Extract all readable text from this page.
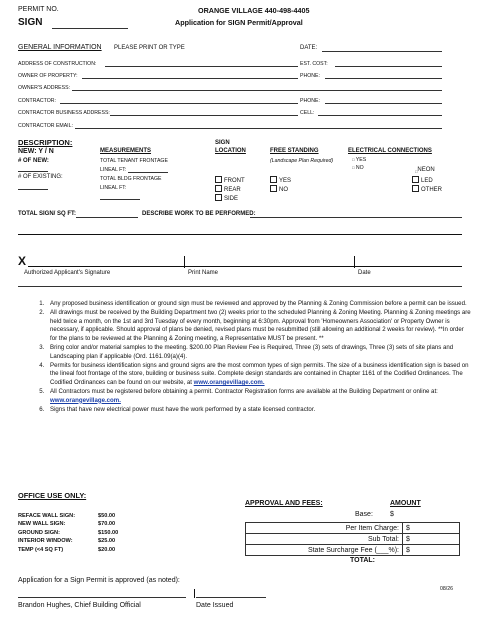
PERMIT NO.
SIGN
ORANGE VILLAGE 440-498-4405
Application for SIGN Permit/Approval
GENERAL INFORMATION PLEASE PRINT OR TYPE	DATE:
ADDRESS OF CONSTRUCTION:	EST. COST:
OWNER OF PROPERTY:	PHONE:
OWNER'S ADDRESS:
CONTRACTOR:	PHONE:
CONTRACTOR BUSINESS ADDRESS:	CELL:
CONTRACTOR EMAIL:
DESCRIPTION:
NEW: Y / N
# OF NEW:
# OF EXISTING:
MEASUREMENTS
TOTAL TENANT FRONTAGE
LINEAL FT:
TOTAL BLDG FRONTAGE
LINEAL FT:
SIGN
LOCATION
FRONT
REAR
SIDE
FREE STANDING
(Landscape Plan Required)
YES
NO
ELECTRICAL CONNECTIONS
□ YES
□ NO
$_□$NEON
LED
OTHER
TOTAL SIGN/ SQ FT:	DESCRIBE WORK TO BE PERFORMED:
X
Authorized Applicant's Signature	Print Name	Date
1. Any proposed business identification or ground sign must be reviewed and approved by the Planning & Zoning Commission before a permit can be issued.
2. All drawings must be received by the Building Department two (2) weeks prior to the scheduled Planning & Zoning Meeting. Planning & Zoning meetings are held twice a month, on the 1st and 3rd Tuesday of every month, beginning at 6:30pm. Approval from 'Homeowners Association' or Property Owner is necessary, if applicable. Should approval of plans be denied, revised plans must be resubmitted (still allowing an additional 2 weeks for review). **In order for the plans to be reviewed at the Planning & Zoning meeting, a Representative MUST be present. **
3. Bring color and/or material samples to the meeting. $200.00 Plan Review Fee is Required, Three (3) sets of drawings, Three (3) sets of site plans and Landscaping plan if applicable (Ord. 1161.09(a)(4).
4. Permits for business identification signs and ground signs are the most common types of sign permits. The size of a business identification sign is based on the lineal foot frontage of the store, building or business suite. Complete design standards are contained in Chapter 1161 of the Codified Ordinances. The Codified Ordinances can be found on our website, at www.orangevillage.com.
5. All Contractors must be registered before obtaining a permit. Contractor Registration forms are available at the Building Department or online at: www.orangevillage.com.
6. Signs that have new electrical power must have the work performed by a state licensed contractor.
OFFICE USE ONLY:
REFACE WALL SIGN:	$50.00
NEW WALL SIGN:	$70.00
GROUND SIGN:	$150.00
INTERIOR WINDOW:	$25.00
TEMP (<4 SQ FT)	$20.00
APPROVAL AND FEES:	AMOUNT
Base: $
Per Item Charge:	$
Sub Total:	$
State Surcharge Fee (___%):	$
TOTAL:
Application for a Sign Permit is approved (as noted):
Brandon Hughes, Chief Building Official	Date Issued
08/26
